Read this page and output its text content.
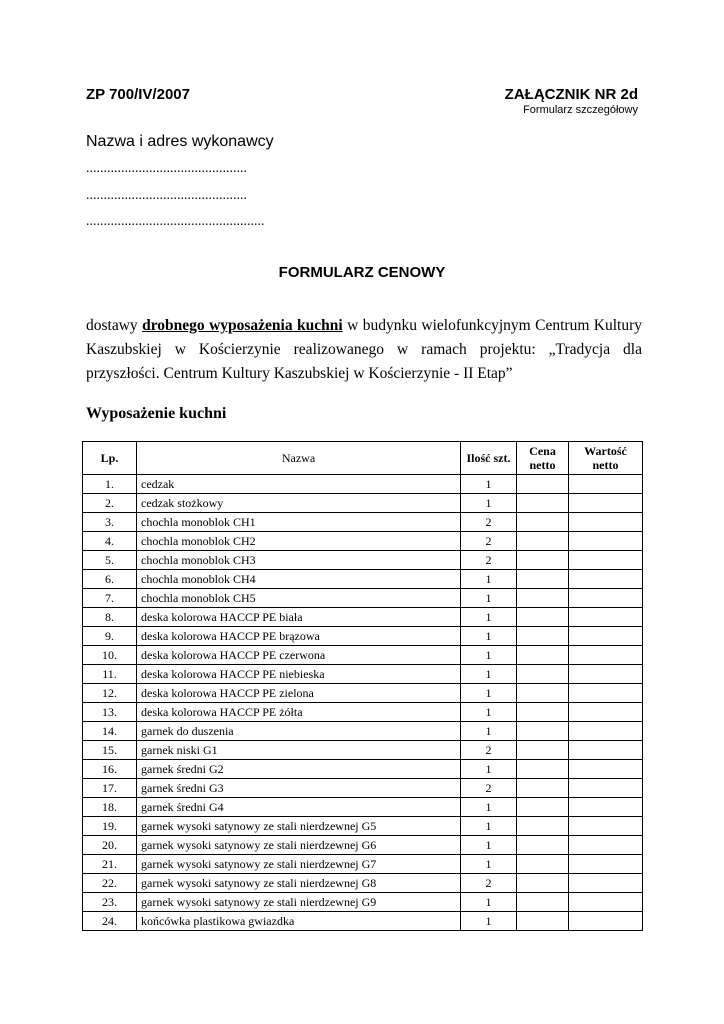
ZP 700/IV/2007	ZAŁĄCZNIK NR 2d
Formularz szczegółowy
Nazwa i adres wykonawcy
..............................................
..............................................
...................................................
FORMULARZ CENOWY
dostawy drobnego wyposażenia kuchni w budynku wielofunkcyjnym Centrum Kultury Kaszubskiej w Kościerzynie realizowanego w ramach projektu: „Tradycja dla przyszłości. Centrum Kultury Kaszubskiej w Kościerzynie - II Etap”
Wyposażenie kuchni
Lp.	Nazwa	Ilość szt.	Cena netto	Wartość netto
1.	cedzak	1		
2.	cedzak stożkowy	1		
3.	chochla monoblok CH1	2		
4.	chochla monoblok CH2	2		
5.	chochla monoblok CH3	2		
6.	chochla monoblok CH4	1		
7.	chochla monoblok CH5	1		
8.	deska kolorowa HACCP PE biała	1		
9.	deska kolorowa HACCP PE brązowa	1		
10.	deska kolorowa HACCP PE czerwona	1		
11.	deska kolorowa HACCP PE niebieska	1		
12.	deska kolorowa HACCP PE zielona	1		
13.	deska kolorowa HACCP PE żółta	1		
14.	garnek do duszenia	1		
15.	garnek niski G1	2		
16.	garnek średni G2	1		
17.	garnek średni G3	2		
18.	garnek średni G4	1		
19.	garnek wysoki satynowy ze stali nierdzewnej G5	1		
20.	garnek wysoki satynowy ze stali nierdzewnej G6	1		
21.	garnek wysoki satynowy ze stali nierdzewnej G7	1		
22.	garnek wysoki satynowy ze stali nierdzewnej G8	2		
23.	garnek wysoki satynowy ze stali nierdzewnej G9	1		
24.	końcówka plastikowa gwiazdka	1		
